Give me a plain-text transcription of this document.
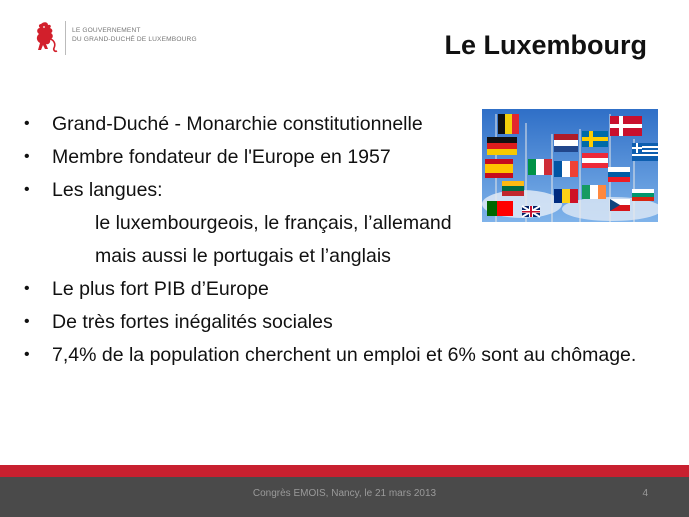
LE GOUVERNEMENT
DU GRAND-DUCHÉ DE LUXEMBOURG	Le Luxembourg
•	Grand-Duché - Monarchie constitutionnelle
•	Membre fondateur de l'Europe en 1957
•	Les langues:
le luxembourgeois, le français, l’allemand
mais aussi le portugais et l’anglais
•	Le plus fort PIB d’Europe
•	De très fortes inégalités sociales
•	7,4% de la population cherchent un emploi et 6% sont au chômage.
Congrès EMOIS, Nancy, le 21 mars 2013	4
